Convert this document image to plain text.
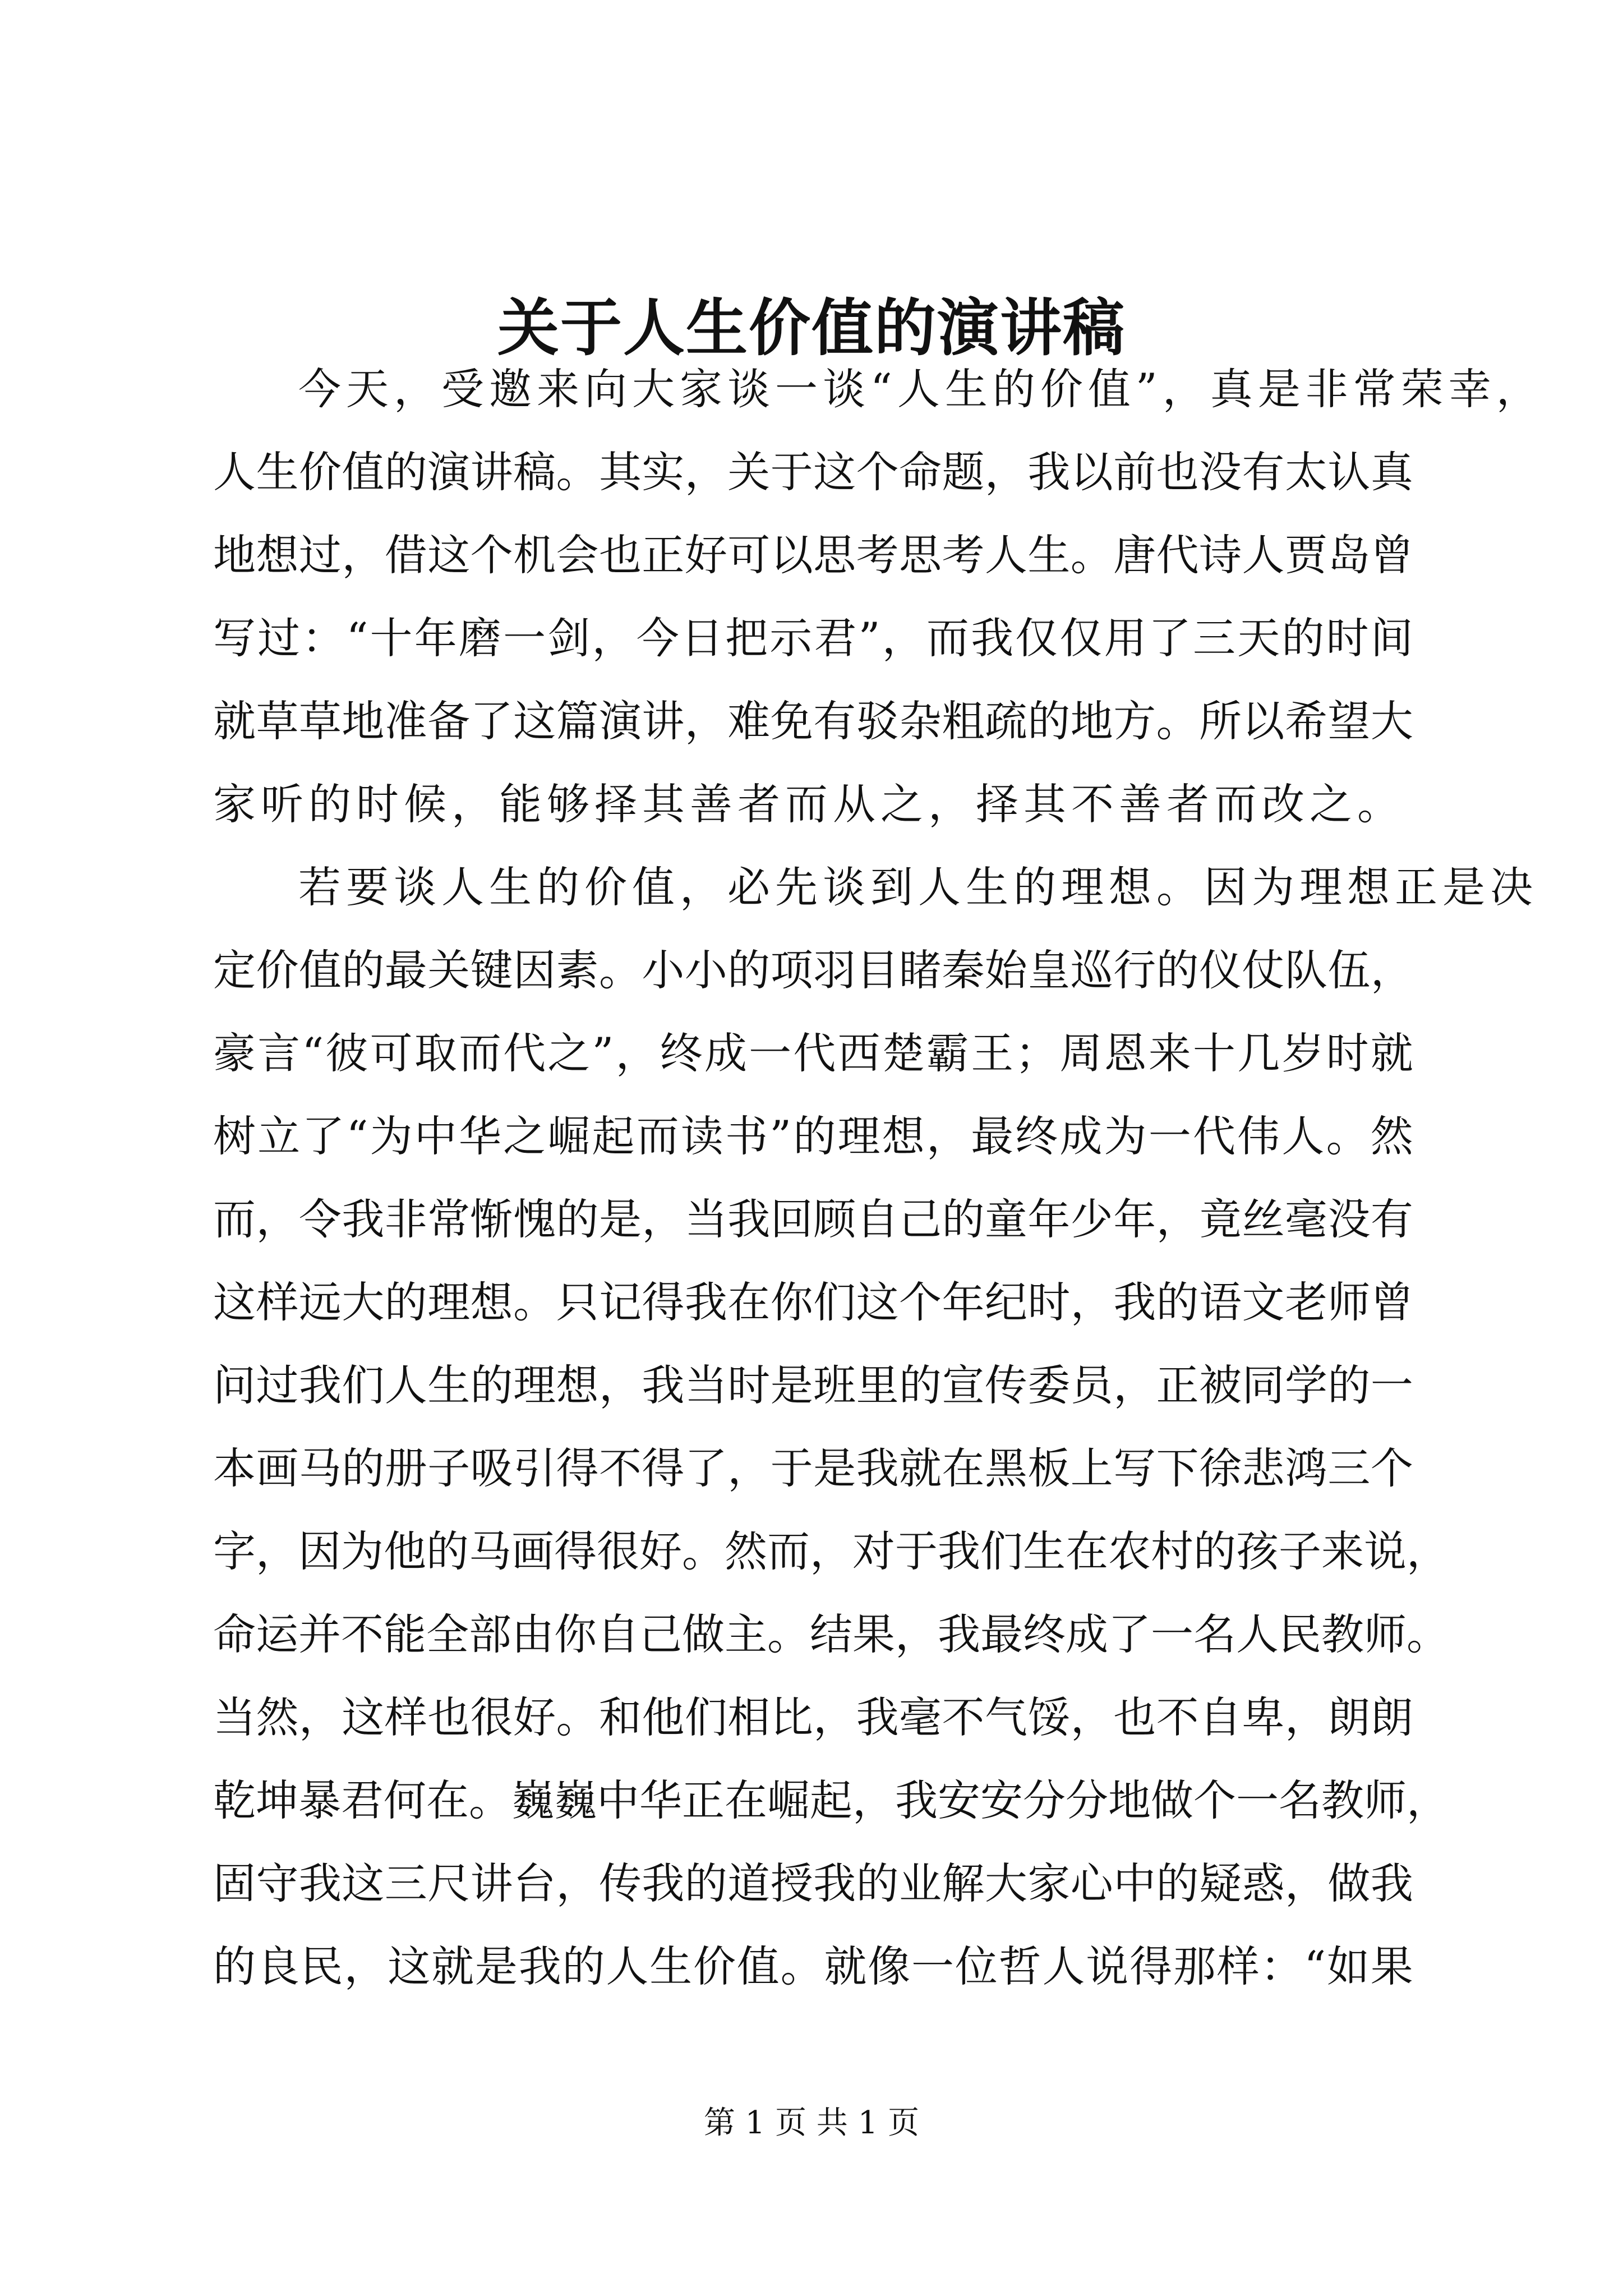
关于人生价值的演讲稿
今天，受邀来向大家谈一谈“人生的价值”，真是非常荣幸，
人 生 价 值 的 演 讲 稿 。 其 实 ， 关 于 这 个 命 题 ， 我 以 前 也 没 有 太 认 真
地 想 过 ， 借 这 个 机 会 也 正 好 可 以 思 考 思 考 人 生 。 唐 代 诗 人 贾 岛 曾
写 过 ： “ 十 年 磨 一 剑 ， 今 日 把 示 君 ” ， 而 我 仅 仅 用 了 三 天 的 时 间
就 草 草 地 准 备 了 这 篇 演 讲 ， 难 免 有 驳 杂 粗 疏 的 地 方 。 所 以 希 望 大
家听的时候，能够择其善者而从之，择其不善者而改之。
若要谈人生的价值，必先谈到人生的理想。因为理想正是决
定 价 值 的 最 关 键 因 素 。 小 小 的 项 羽 目 睹 秦 始 皇 巡 行 的 仪 仗 队 伍 ，
豪 言 “ 彼 可 取 而 代 之 ” ， 终 成 一 代 西 楚 霸 王 ； 周 恩 来 十 几 岁 时 就
树 立 了 “ 为 中 华 之 崛 起 而 读 书 ” 的 理 想 ， 最 终 成 为 一 代 伟 人 。 然
而 ， 令 我 非 常 惭 愧 的 是 ， 当 我 回 顾 自 己 的 童 年 少 年 ， 竟 丝 毫 没 有
这 样 远 大 的 理 想 。 只 记 得 我 在 你 们 这 个 年 纪 时 ， 我 的 语 文 老 师 曾
问 过 我 们 人 生 的 理 想 ， 我 当 时 是 班 里 的 宣 传 委 员 ， 正 被 同 学 的 一
本 画 马 的 册 子 吸 引 得 不 得 了 ， 于 是 我 就 在 黑 板 上 写 下 徐 悲 鸿 三 个
字 ， 因 为 他 的 马 画 得 很 好 。 然 而 ， 对 于 我 们 生 在 农 村 的 孩 子 来 说 ，
命 运 并 不 能 全 部 由 你 自 己 做 主 。 结 果 ， 我 最 终 成 了 一 名 人 民 教 师 。
当 然 ， 这 样 也 很 好 。 和 他 们 相 比 ， 我 毫 不 气 馁 ， 也 不 自 卑 ， 朗 朗
乾 坤 暴 君 何 在 。 巍 巍 中 华 正 在 崛 起 ， 我 安 安 分 分 地 做 个 一 名 教 师 ，
固 守 我 这 三 尺 讲 台 ， 传 我 的 道 授 我 的 业 解 大 家 心 中 的 疑 惑 ， 做 我
的 良 民 ， 这 就 是 我 的 人 生 价 值 。 就 像 一 位 哲 人 说 得 那 样 ： “ 如 果
第 1 页 共 1 页
